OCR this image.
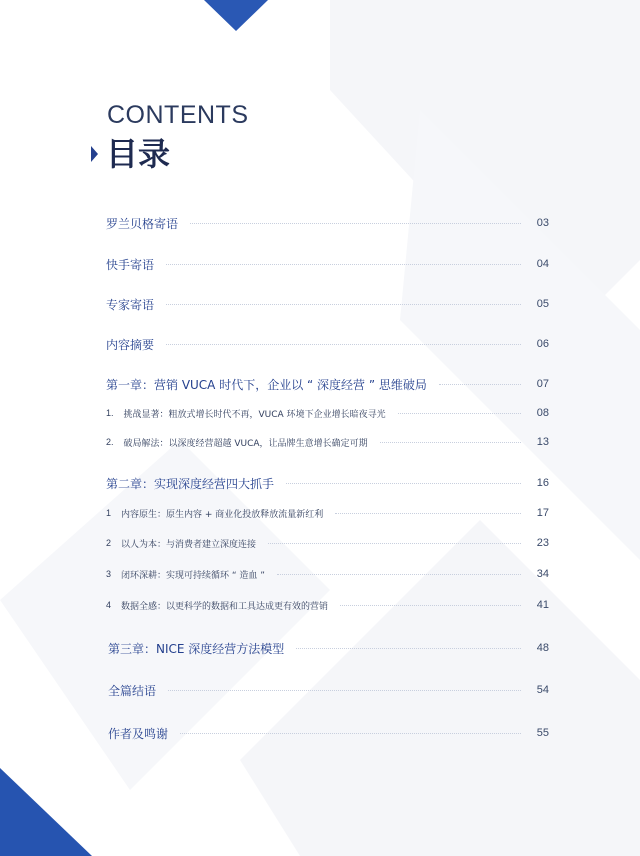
CONTENTS
目录
罗兰贝格寄语	03
快手寄语	04
专家寄语	05
内容摘要	06
第一章：营销 VUCA 时代下，企业以 “ 深度经营 ” 思维破局	07
1. 挑战显著：粗放式增长时代不再，VUCA 环境下企业增长暗夜寻光	08
2. 破局解法：以深度经营超越 VUCA，让品牌生意增长确定可期	13
第二章：实现深度经营四大抓手	16
1 内容原生：原生内容 + 商业化投放释放流量新红利	17
2 以人为本：与消费者建立深度连接	23
3 闭环深耕：实现可持续循环 “ 造血 ”	34
4 数据全感：以更科学的数据和工具达成更有效的营销	41
第三章：NICE 深度经营方法模型	48
全篇结语	54
作者及鸣谢	55
